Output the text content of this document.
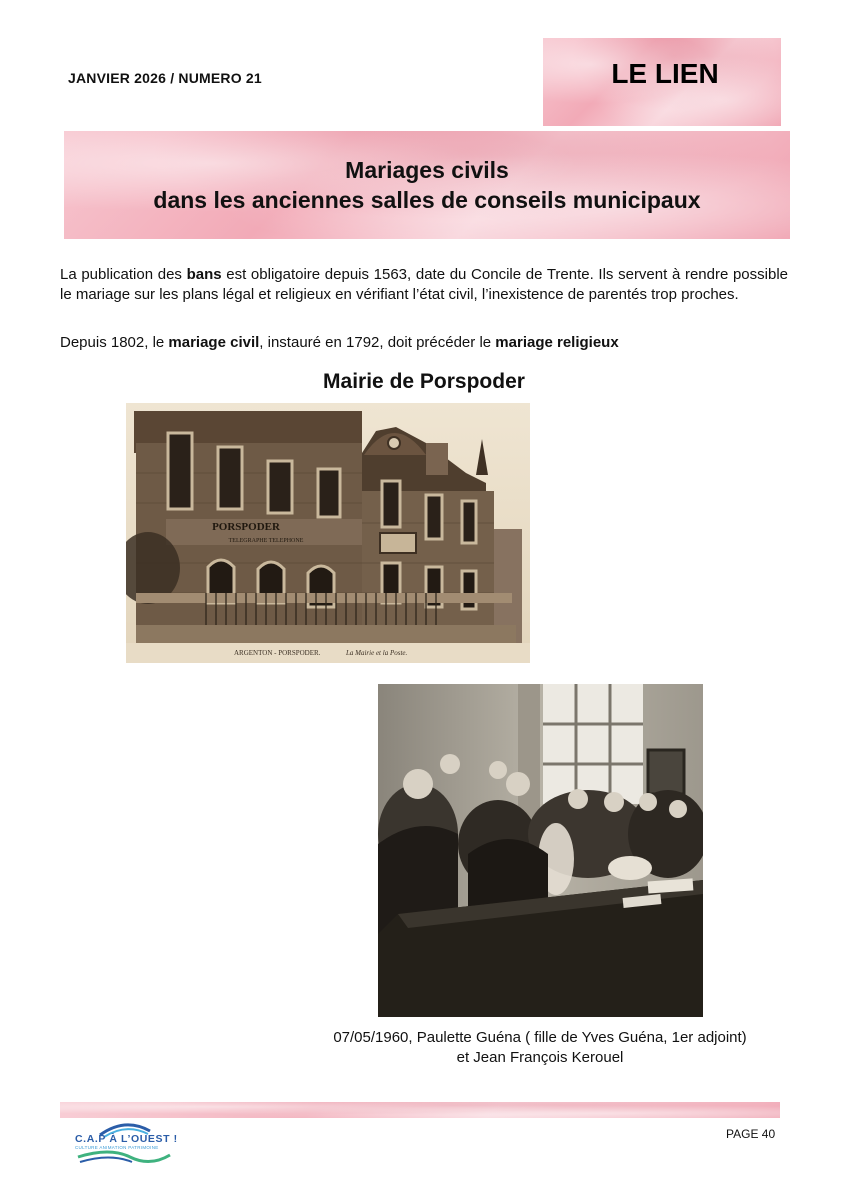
JANVIER 2026 / NUMERO 21	LE LIEN
Mariages civils
dans les anciennes salles de conseils municipaux

La publication des bans est obligatoire depuis 1563, date du Concile de Trente. Ils servent à rendre possible le mariage sur les plans légal et religieux en vérifiant l’état civil, l’inexistence de parentés trop proches.

Depuis 1802, le mariage civil, instauré en 1792, doit précéder le mariage religieux

Mairie de Porspoder
PORSPODER
TELEGRAPHE TELEPHONE
ARGENTON - PORSPODER.	La Mairie et la Poste.
07/05/1960, Paulette Guéna ( fille de Yves Guéna, 1er adjoint)
et Jean François Kerouel
C.A.P À L’OUEST !
CULTURE ANIMATION PATRIMOINE
PAGE 40
